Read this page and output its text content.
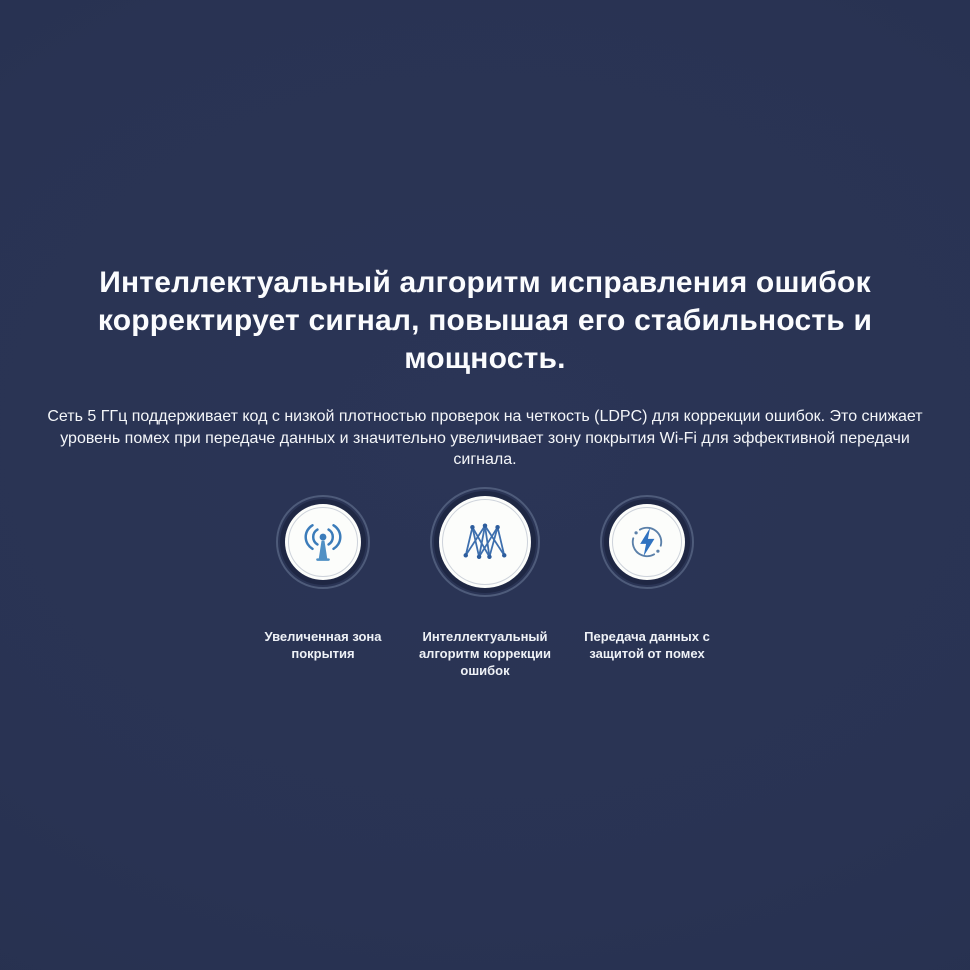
Интеллектуальный алгоритм исправления ошибок корректирует сигнал, повышая его стабильность и мощность.

Сеть 5 ГГц поддерживает код с низкой плотностью проверок на четкость (LDPC) для коррекции ошибок. Это снижает уровень помех при передаче данных и значительно увеличивает зону покрытия Wi-Fi для эффективной передачи сигнала.

Увеличенная зона покрытия
Интеллектуальный алгоритм коррекции ошибок
Передача данных с защитой от помех
